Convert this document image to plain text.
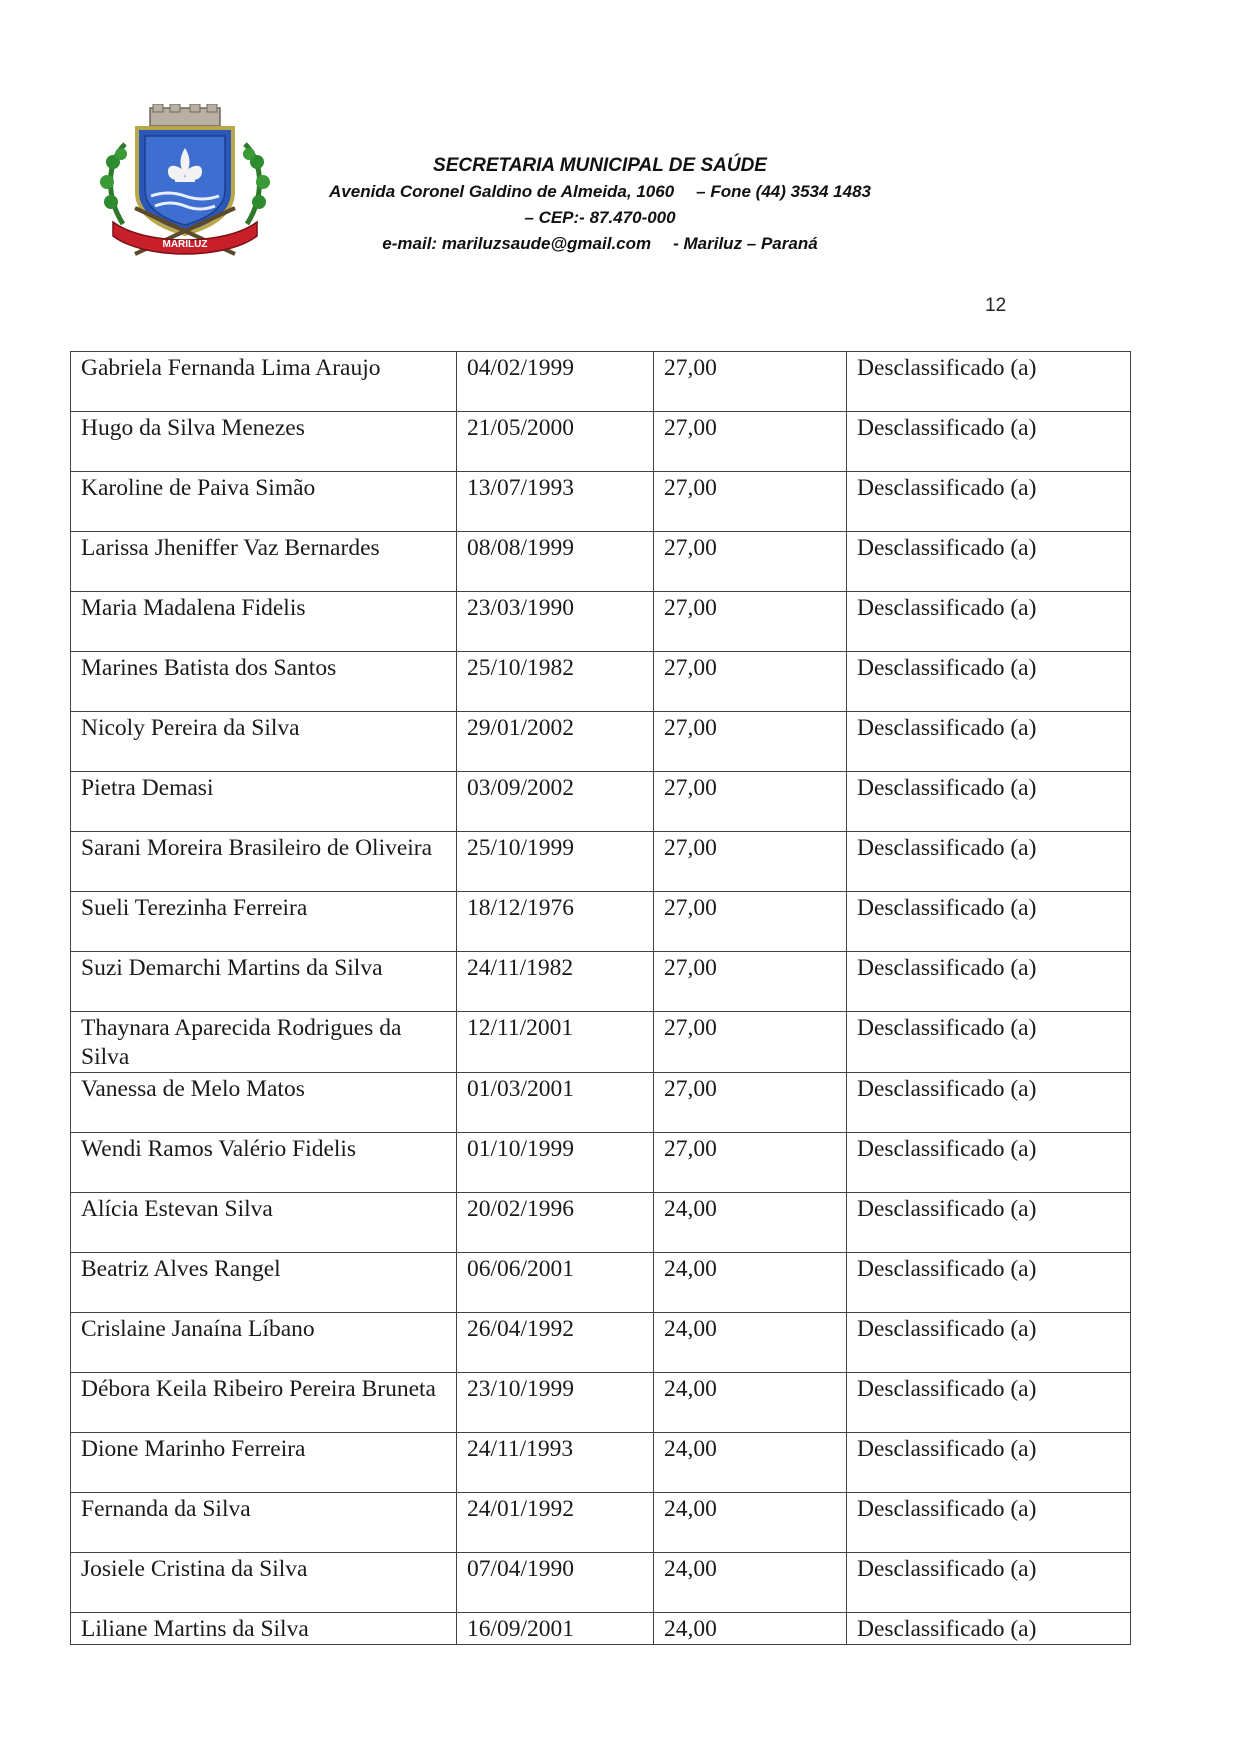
MARILUZ
SECRETARIA MUNICIPAL DE SAÚDE
Avenida Coronel Galdino de Almeida, 1060 – Fone (44) 3534 1483
– CEP:- 87.470-000
e-mail: mariluzsaude@gmail.com - Mariluz – Paraná
12
Gabriela Fernanda Lima Araujo	04/02/1999	27,00	Desclassificado (a)
Hugo da Silva Menezes	21/05/2000	27,00	Desclassificado (a)
Karoline de Paiva Simão	13/07/1993	27,00	Desclassificado (a)
Larissa Jheniffer Vaz Bernardes	08/08/1999	27,00	Desclassificado (a)
Maria Madalena Fidelis	23/03/1990	27,00	Desclassificado (a)
Marines Batista dos Santos	25/10/1982	27,00	Desclassificado (a)
Nicoly Pereira da Silva	29/01/2002	27,00	Desclassificado (a)
Pietra Demasi	03/09/2002	27,00	Desclassificado (a)
Sarani Moreira Brasileiro de Oliveira	25/10/1999	27,00	Desclassificado (a)
Sueli Terezinha Ferreira	18/12/1976	27,00	Desclassificado (a)
Suzi Demarchi Martins da Silva	24/11/1982	27,00	Desclassificado (a)
Thaynara Aparecida Rodrigues da Silva	12/11/2001	27,00	Desclassificado (a)
Vanessa de Melo Matos	01/03/2001	27,00	Desclassificado (a)
Wendi Ramos Valério Fidelis	01/10/1999	27,00	Desclassificado (a)
Alícia Estevan Silva	20/02/1996	24,00	Desclassificado (a)
Beatriz Alves Rangel	06/06/2001	24,00	Desclassificado (a)
Crislaine Janaína Líbano	26/04/1992	24,00	Desclassificado (a)
Débora Keila Ribeiro Pereira Bruneta	23/10/1999	24,00	Desclassificado (a)
Dione Marinho Ferreira	24/11/1993	24,00	Desclassificado (a)
Fernanda da Silva	24/01/1992	24,00	Desclassificado (a)
Josiele Cristina da Silva	07/04/1990	24,00	Desclassificado (a)
Liliane Martins da Silva	16/09/2001	24,00	Desclassificado (a)
